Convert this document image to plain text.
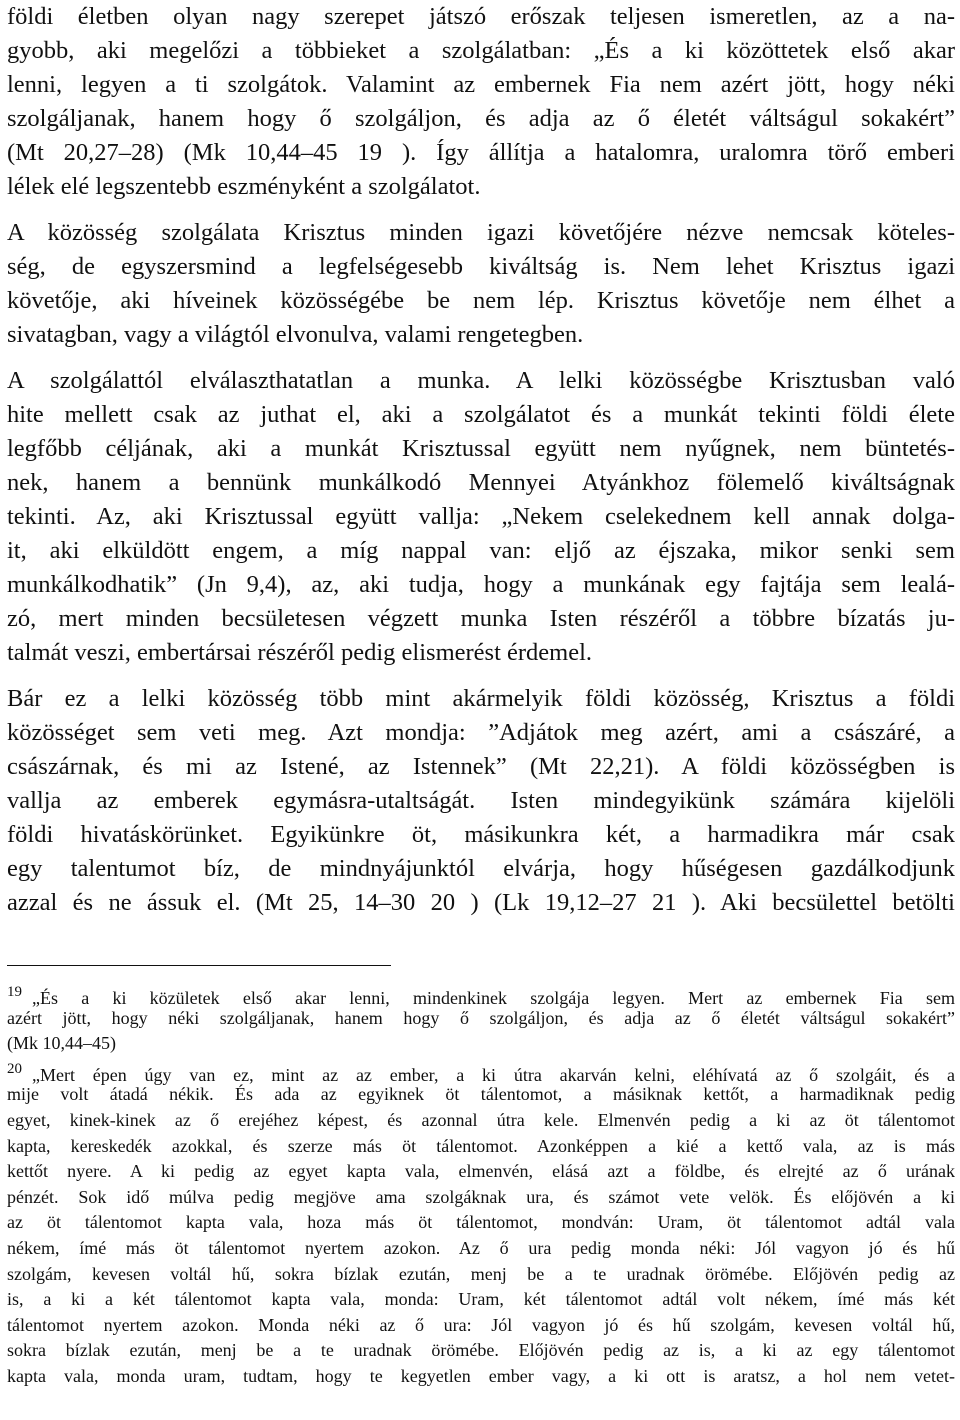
földi életben olyan nagy szerepet játszó erőszak teljesen ismeretlen, az a na-
gyobb, aki megelőzi a többieket a szolgálatban: „És a ki közöttetek első akar
lenni, legyen a ti szolgátok. Valamint az embernek Fia nem azért jött, hogy néki
szolgáljanak, hanem hogy ő szolgáljon, és adja az ő életét váltságul sokakért”
(Mt 20,27–28) (Mk 10,44–45 19 ). Így állítja a hatalomra, uralomra törő emberi
lélek elé legszentebb eszményként a szolgálatot.
A közösség szolgálata Krisztus minden igazi követőjére nézve nemcsak köteles-
ség, de egyszersmind a legfelségesebb kiváltság is. Nem lehet Krisztus igazi
követője, aki híveinek közösségébe be nem lép. Krisztus követője nem élhet a
sivatagban, vagy a világtól elvonulva, valami rengetegben.
A szolgálattól elválaszthatatlan a munka. A lelki közösségbe Krisztusban való
hite mellett csak az juthat el, aki a szolgálatot és a munkát tekinti földi élete
legfőbb céljának, aki a munkát Krisztussal együtt nem nyűgnek, nem büntetés-
nek, hanem a bennünk munkálkodó Mennyei Atyánkhoz fölemelő kiváltságnak
tekinti. Az, aki Krisztussal együtt vallja: „Nekem cselekednem kell annak dolga-
it, aki elküldött engem, a míg nappal van: eljő az éjszaka, mikor senki sem
munkálkodhatik” (Jn 9,4), az, aki tudja, hogy a munkának egy fajtája sem lealá-
zó, mert minden becsületesen végzett munka Isten részéről a többre bízatás ju-
talmát veszi, embertársai részéről pedig elismerést érdemel.
Bár ez a lelki közösség több mint akármelyik földi közösség, Krisztus a földi
közösséget sem veti meg. Azt mondja: ”Adjátok meg azért, ami a császáré, a
császárnak, és mi az Istené, az Istennek” (Mt 22,21). A földi közösségben is
vallja az emberek egymásra-utaltságát. Isten mindegyikünk számára kijelöli
földi hivatáskörünket. Egyikünkre öt, másikunkra két, a harmadikra már csak
egy talentumot bíz, de mindnyájunktól elvárja, hogy hűségesen gazdálkodjunk
azzal és ne ássuk el. (Mt 25, 14–30 20 ) (Lk 19,12–27 21 ). Aki becsülettel betölti
$^{19}$ „És a ki közületek első akar lenni, mindenkinek szolgája legyen. Mert az embernek Fia sem
azért jött, hogy néki szolgáljanak, hanem hogy ő szolgáljon, és adja az ő életét váltságul sokakért”
(Mk 10,44–45)
$^{20}$ „Mert épen úgy van ez, mint az az ember, a ki útra akarván kelni, eléhívatá az ő szolgáit, és a
mije volt átadá nékik. És ada az egyiknek öt tálentomot, a másiknak kettőt, a harmadiknak pedig
egyet, kinek-kinek az ő erejéhez képest, és azonnal útra kele. Elmenvén pedig a ki az öt tálentomot
kapta, kereskedék azokkal, és szerze más öt tálentomot. Azonképpen a kié a kettő vala, az is más
kettőt nyere. A ki pedig az egyet kapta vala, elmenvén, elásá azt a földbe, és elrejté az ő urának
pénzét. Sok idő múlva pedig megjöve ama szolgáknak ura, és számot vete velök. És előjövén a ki
az öt tálentomot kapta vala, hoza más öt tálentomot, mondván: Uram, öt tálentomot adtál vala
nékem, ímé más öt tálentomot nyertem azokon. Az ő ura pedig monda néki: Jól vagyon jó és hű
szolgám, kevesen voltál hű, sokra bízlak ezután, menj be a te uradnak örömébe. Előjövén pedig az
is, a ki a két tálentomot kapta vala, monda: Uram, két tálentomot adtál volt nékem, ímé más két
tálentomot nyertem azokon. Monda néki az ő ura: Jól vagyon jó és hű szolgám, kevesen voltál hű,
sokra bízlak ezután, menj be a te uradnak örömébe. Előjövén pedig az is, a ki az egy tálentomot
kapta vala, monda uram, tudtam, hogy te kegyetlen ember vagy, a ki ott is aratsz, a hol nem vetet-
